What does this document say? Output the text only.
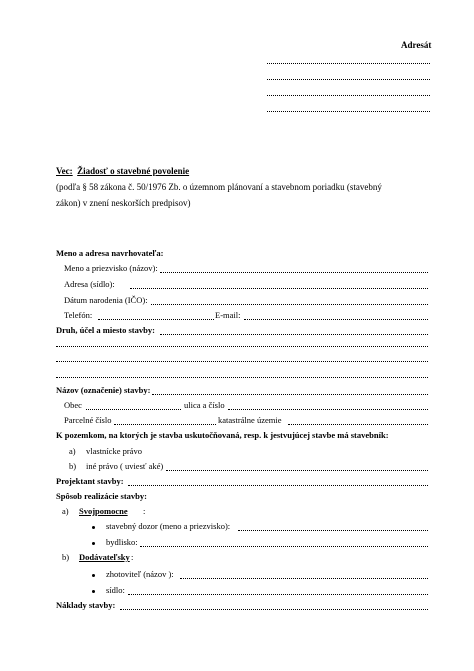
Adresát
Vec: Žiadosť o stavebné povolenie
(podľa § 58 zákona č. 50/1976 Zb. o územnom plánovaní a stavebnom poriadku (stavebný
zákon) v znení neskorších predpisov)
Meno a adresa navrhovateľa:
Meno a priezvisko (názov):
Adresa (sídlo):
Dátum narodenia (IČO):
Telefón:	E-mail:
Druh, účel a miesto stavby:
Názov (označenie) stavby:
Obec	ulica a číslo
Parcelné číslo	katastrálne územie
K pozemkom, na ktorých je stavba uskutočňovaná, resp. k jestvujúcej stavbe má stavebník:
a) vlastnícke právo
b) iné právo ( uviesť aké)
Projektant stavby:
Spôsob realizácie stavby:
a) Svojpomocne :
stavebný dozor (meno a priezvisko):
bydlisko:
b) Dodávateľsky :
zhotoviteľ (názov ):
sídlo:
Náklady stavby:
